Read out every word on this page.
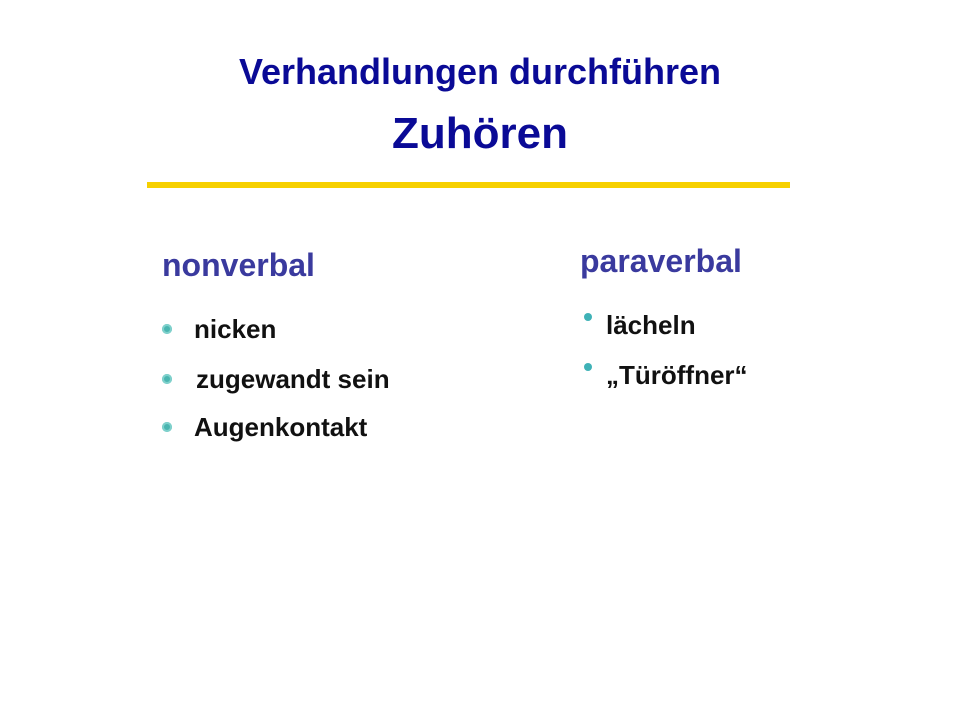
Verhandlungen durchführen
Zuhören
nonverbal	paraverbal
nicken
zugewandt sein
Augenkontakt
lächeln
„Türöffner“
